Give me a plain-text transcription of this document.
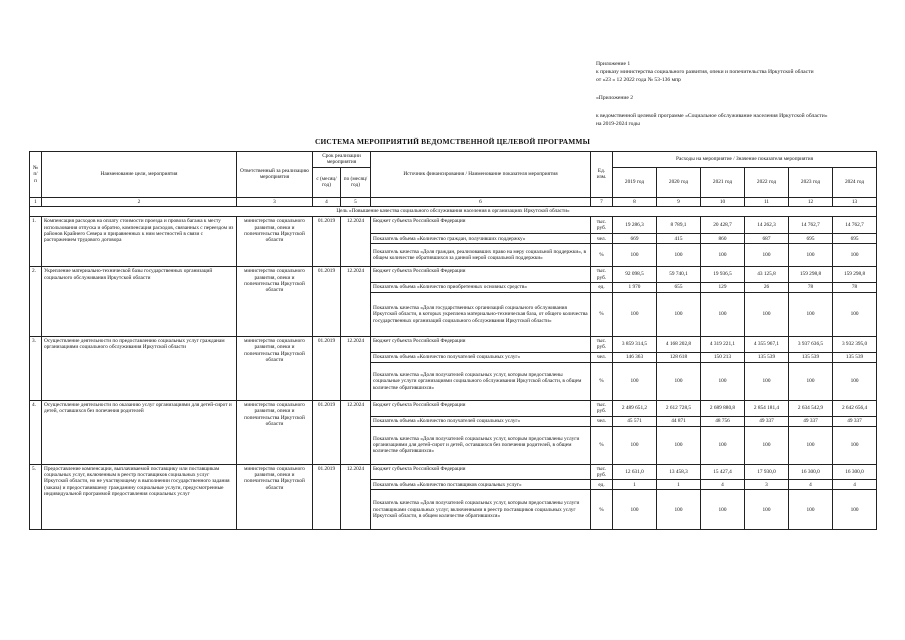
Приложение 1
к приказу министерства социального развития, опеки и попечительства Иркутской области
от «23 » 12 2022 года № 53-136 мпр
«Приложение 2
к ведомственной целевой программе «Социальное обслуживание населения Иркутской области»
на 2019-2024 годы
СИСТЕМА МЕРОПРИЯТИЙ ВЕДОМСТВЕННОЙ ЦЕЛЕВОЙ ПРОГРАММЫ
№ п/п	Наименование цели, мероприятия	Ответственный за реализацию мероприятия	Срок реализации мероприятия		Источник финансирования / Наименование показателя мероприятия	Ед. изм.	Расходы на мероприятие / Значение показателя мероприятия					
			с (месяц/ год)	по (месяц/ год)			2019 год	2020 год	2021 год	2022 год	2023 год	2024 год
1	2	3	4	5	6	7	8	9	10	11	12	13
Цель «Повышение качества социального обслуживания населения в организациях Иркутской области»												
1.	Компенсация расходов на оплату стоимости проезда и провоза багажа к месту использования отпуска и обратно, компенсация расходов, связанных с переездом из районов Крайнего Севера и приравненных к ним местностей в связи с расторжением трудового договора	министерство социального развития, опеки и попечительства Иркутской области	01.2019	12.2024	Бюджет субъекта Российской Федерации	тыс. руб.	19 286,3	8 789,1	20 428,7	14 262,3	14 762,7	14 762,7
					Показатель объема «Количество граждан, получивших поддержку»	чел.	669	415	860	687	695	695
					Показатель качества «Доля граждан, реализовавших право на меру социальной поддержки», в общем количестве обратившихся за данной мерой социальной поддержки»	%	100	100	100	100	100	100
2.	Укрепление материально-технической базы государственных организаций социального обслуживания Иркутской области	министерство социального развития, опеки и попечительства Иркутской области	01.2019	12.2024	Бюджет субъекта Российской Федерации	тыс. руб.	92 098,5	59 740,1	19 936,5	43 125,8	159 298,8	159 298,8
					Показатель объема «Количество приобретенных основных средств»	ед.	1 970	655	129	26	78	78
					Показатель качества «Доля государственных организаций социального обслуживания Иркутской области, в которых укреплена материально-техническая база, от общего количества государственных организаций социального обслуживания Иркутской области»	%	100	100	100	100	100	100
3.	Осуществление деятельности по предоставлению социальных услуг гражданам организациями социального обслуживания Иркутской области	министерство социального развития, опеки и попечительства Иркутской области	01.2019	12.2024	Бюджет субъекта Российской Федерации	тыс. руб.	3 859 314,5	4 168 202,8	4 319 221,1	4 355 967,1	3 937 636,5	3 932 395,0
					Показатель объема «Количество получателей социальных услуг»	чел.	146 363	128 618	150 213	135 539	135 539	135 539
					Показатель качества «Доля получателей социальных услуг, которым предоставлены социальные услуги организациями социального обслуживания Иркутской области, в общем количестве обратившихся»	%	100	100	100	100	100	100
4.	Осуществление деятельности по оказанию услуг организациями для детей-сирот и детей, оставшихся без попечения родителей	министерство социального развития, опеки и попечительства Иркутской области	01.2019	12.2024	Бюджет субъекта Российской Федерации	тыс. руб.	2 489 651,2	2 612 728,5	2 689 880,8	2 854 181,4	2 634 542,9	2 642 656,4
					Показатель объема «Количество получателей социальных услуг»	чел.	45 571	44 871	48 756	49 337	49 337	49 337
					Показатель качества «Доля получателей социальных услуг, которым предоставлены услуги организациями для детей-сирот и детей, оставшихся без попечения родителей, в общем количестве обратившихся»	%	100	100	100	100	100	100
5.	Предоставление компенсации, выплачиваемой поставщику или поставщикам социальных услуг, включенным в реестр поставщиков социальных услуг Иркутской области, но не участвующему в выполнении государственного задания (заказа) и предоставившему гражданину социальные услуги, предусмотренные индивидуальной программой предоставления социальных услуг	министерство социального развития, опеки и попечительства Иркутской области	01.2019	12.2024	Бюджет субъекта Российской Федерации	тыс. руб.	12 631,0	13 458,3	15 427,4	17 930,0	16 300,0	16 300,0
					Показатель объема «Количество поставщиков социальных услуг»	ед.	1	1	4	3	4	4
					Показатель качества «Доля получателей социальных услуг, которым предоставлены услуги поставщиками социальных услуг, включенными в реестр поставщиков социальных услуг Иркутской области, в общем количестве обратившихся»	%	100	100	100	100	100	100
